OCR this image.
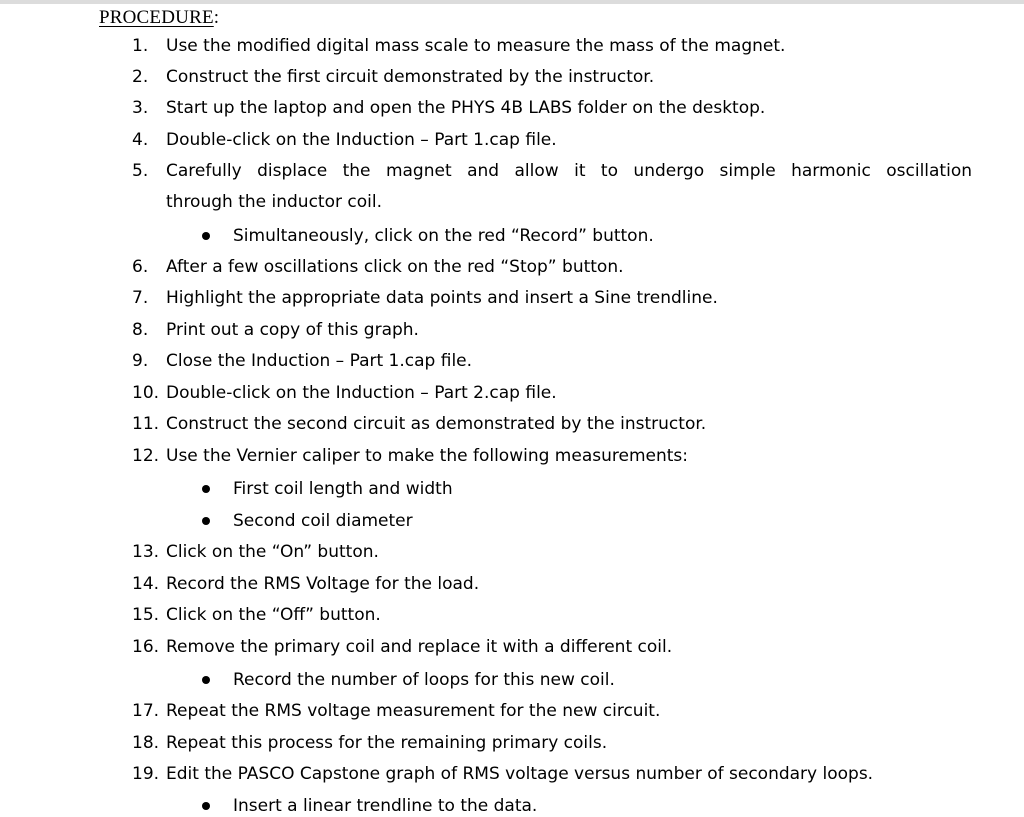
PROCEDURE:
1. Use the modified digital mass scale to measure the mass of the magnet.
2. Construct the first circuit demonstrated by the instructor.
3. Start up the laptop and open the PHYS 4B LABS folder on the desktop.
4. Double-click on the Induction – Part 1.cap file.
5. Carefully displace the magnet and allow it to undergo simple harmonic oscillation
through the inductor coil.
Simultaneously, click on the red “Record” button.
6. After a few oscillations click on the red “Stop” button.
7. Highlight the appropriate data points and insert a Sine trendline.
8. Print out a copy of this graph.
9. Close the Induction – Part 1.cap file.
10. Double-click on the Induction – Part 2.cap file.
11. Construct the second circuit as demonstrated by the instructor.
12. Use the Vernier caliper to make the following measurements:
First coil length and width
Second coil diameter
13. Click on the “On” button.
14. Record the RMS Voltage for the load.
15. Click on the “Off” button.
16. Remove the primary coil and replace it with a different coil.
Record the number of loops for this new coil.
17. Repeat the RMS voltage measurement for the new circuit.
18. Repeat this process for the remaining primary coils.
19. Edit the PASCO Capstone graph of RMS voltage versus number of secondary loops.
Insert a linear trendline to the data.
